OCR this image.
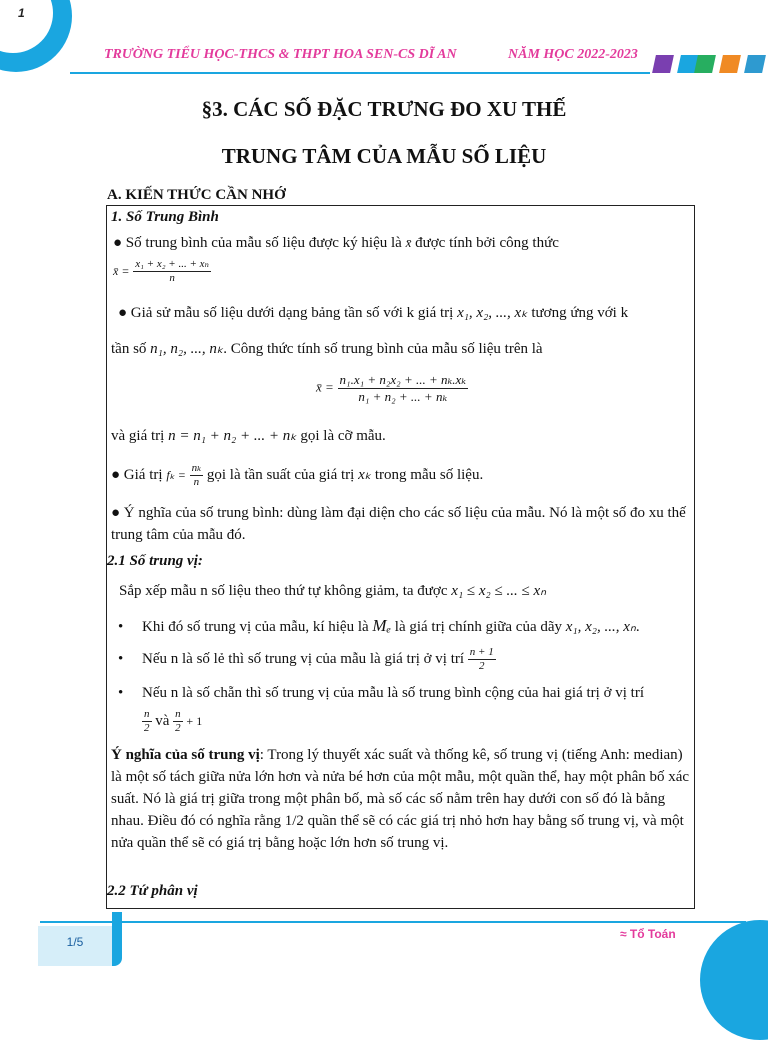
1
TRƯỜNG TIỂU HỌC-THCS & THPT HOA SEN-CS DĨ AN	NĂM HỌC 2022-2023
§3. CÁC SỐ ĐẶC TRƯNG ĐO XU THẾ
TRUNG TÂM CỦA MẪU SỐ LIỆU
A. KIẾN THỨC CẦN NHỚ
1. Số Trung Bình
● Số trung bình của mẫu số liệu được ký hiệu là x̄ được tính bởi công thức
x̄ = $\frac{\text{x₁ + x₂ + ... + xₙ}}{n}$
● Giả sử mẫu số liệu dưới dạng bảng tần số với k giá trị x₁, x₂, ..., xₖ tương ứng với k
tần số n₁, n₂, ..., nₖ. Công thức tính số trung bình của mẫu số liệu trên là
x̄ = $\frac{\text{n₁.x₁ + n₂x₂ + ... + nₖ.xₖ}}{\text{n₁ + n₂ + ... + nₖ}}$
và giá trị n = n₁ + n₂ + ... + nₖ gọi là cỡ mẫu.
● Giá trị $f_k = \frac{\text{nₖ}}{n}$ gọi là tần suất của giá trị xₖ trong mẫu số liệu.
● Ý nghĩa của số trung bình: dùng làm đại diện cho các số liệu của mẫu. Nó là một số đo xu thế trung tâm của mẫu đó.
2.1 Số trung vị:
Sắp xếp mẫu n số liệu theo thứ tự không giảm, ta được x₁ ≤ x₂ ≤ ... ≤ xₙ
•     Khi đó số trung vị của mẫu, kí hiệu là Mₑ là giá trị chính giữa của dãy x₁, x₂, ..., xₙ.
•     Nếu n là số lẻ thì số trung vị của mẫu là giá trị ở vị trí $\frac{n + 1}{2}$
•     Nếu n là số chẵn thì số trung vị của mẫu là số trung bình cộng của hai giá trị ở vị trí
$\frac{n}{2}$ và $\frac{n}{2} + 1$
Ý nghĩa của số trung vị: Trong lý thuyết xác suất và thống kê, số trung vị (tiếng Anh: median) là một số tách giữa nửa lớn hơn và nửa bé hơn của một mẫu, một quần thể, hay một phân bố xác suất. Nó là giá trị giữa trong một phân bố, mà số các số nằm trên hay dưới con số đó là bằng nhau. Điều đó có nghĩa rằng 1/2 quần thể sẽ có các giá trị nhỏ hơn hay bằng số trung vị, và một nửa quần thể sẽ có giá trị bằng hoặc lớn hơn số trung vị.
2.2 Tứ phân vị
1/5
≈ Tổ Toán
